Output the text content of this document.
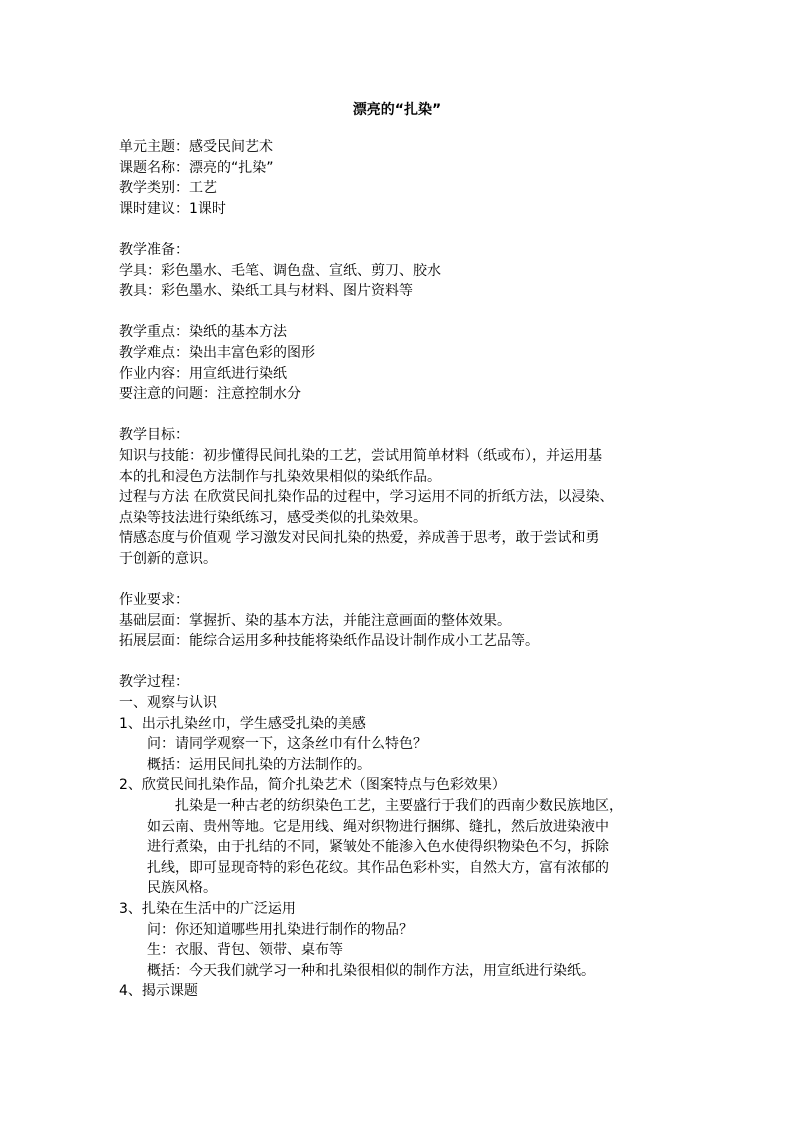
漂亮的“扎染”
单元主题：感受民间艺术
课题名称：漂亮的“扎染”
教学类别：工艺
课时建议：1课时
教学准备：
学具：彩色墨水、毛笔、调色盘、宣纸、剪刀、胶水
教具：彩色墨水、染纸工具与材料、图片资料等
教学重点：染纸的基本方法
教学难点：染出丰富色彩的图形
作业内容：用宣纸进行染纸
要注意的问题：注意控制水分
教学目标：
知识与技能：初步懂得民间扎染的工艺，尝试用简单材料（纸或布），并运用基
本的扎和浸色方法制作与扎染效果相似的染纸作品。
过程与方法 在欣赏民间扎染作品的过程中，学习运用不同的折纸方法，以浸染、
点染等技法进行染纸练习，感受类似的扎染效果。
情感态度与价值观 学习激发对民间扎染的热爱，养成善于思考，敢于尝试和勇
于创新的意识。
作业要求：
基础层面：掌握折、染的基本方法，并能注意画面的整体效果。
拓展层面：能综合运用多种技能将染纸作品设计制作成小工艺品等。
教学过程：
一、观察与认识
1、出示扎染丝巾，学生感受扎染的美感
问：请同学观察一下，这条丝巾有什么特色？
概括：运用民间扎染的方法制作的。
2、欣赏民间扎染作品，简介扎染艺术（图案特点与色彩效果）
扎染是一种古老的纺织染色工艺，主要盛行于我们的西南少数民族地区，
如云南、贵州等地。它是用线、绳对织物进行捆绑、缝扎，然后放进染液中
进行煮染，由于扎结的不同，紧皱处不能渗入色水使得织物染色不匀，拆除
扎线，即可显现奇特的彩色花纹。其作品色彩朴实，自然大方，富有浓郁的
民族风格。
3、扎染在生活中的广泛运用
问：你还知道哪些用扎染进行制作的物品？
生：衣服、背包、领带、桌布等
概括：今天我们就学习一种和扎染很相似的制作方法，用宣纸进行染纸。
4、揭示课题
